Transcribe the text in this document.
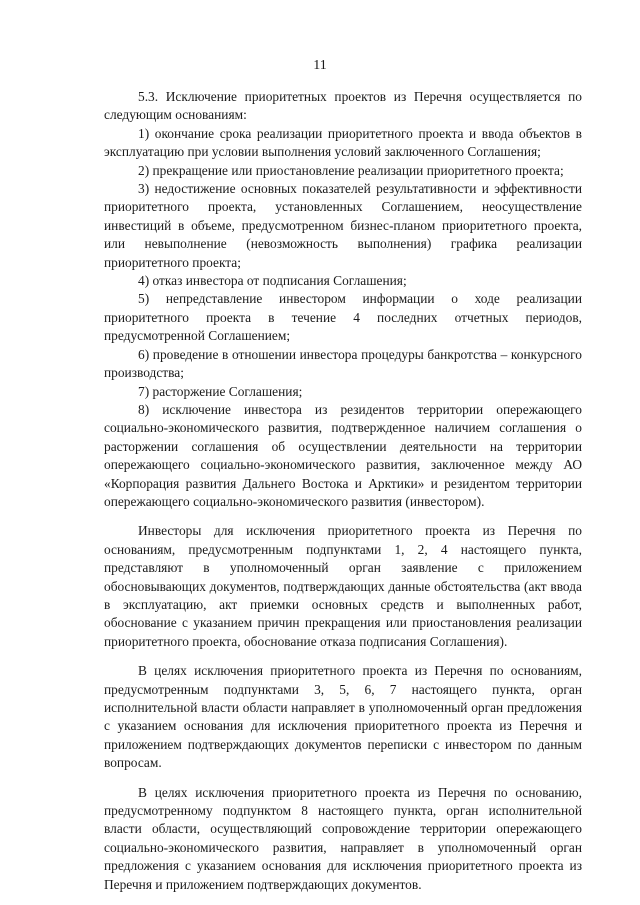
11

5.3. Исключение приоритетных проектов из Перечня осуществляется по следующим основаниям:

1) окончание срока реализации приоритетного проекта и ввода объектов в эксплуатацию при условии выполнения условий заключенного Соглашения;

2) прекращение или приостановление реализации приоритетного проекта;

3) недостижение основных показателей результативности и эффективности приоритетного проекта, установленных Соглашением, неосуществление инвестиций в объеме, предусмотренном бизнес-планом приоритетного проекта, или невыполнение (невозможность выполнения) графика реализации приоритетного проекта;

4) отказ инвестора от подписания Соглашения;

5) непредставление инвестором информации о ходе реализации приоритетного проекта в течение 4 последних отчетных периодов, предусмотренной Соглашением;

6) проведение в отношении инвестора процедуры банкротства – конкурсного производства;

7) расторжение Соглашения;

8) исключение инвестора из резидентов территории опережающего социально-экономического развития, подтвержденное наличием соглашения о расторжении соглашения об осуществлении деятельности на территории опережающего социально-экономического развития, заключенное между АО «Корпорация развития Дальнего Востока и Арктики» и резидентом территории опережающего социально-экономического развития (инвестором).

Инвесторы для исключения приоритетного проекта из Перечня по основаниям, предусмотренным подпунктами 1, 2, 4 настоящего пункта, представляют в уполномоченный орган заявление с приложением обосновывающих документов, подтверждающих данные обстоятельства (акт ввода в эксплуатацию, акт приемки основных средств и выполненных работ, обоснование с указанием причин прекращения или приостановления реализации приоритетного проекта, обоснование отказа подписания Соглашения).

В целях исключения приоритетного проекта из Перечня по основаниям, предусмотренным подпунктами 3, 5, 6, 7 настоящего пункта, орган исполнительной власти области направляет в уполномоченный орган предложения с указанием основания для исключения приоритетного проекта из Перечня и приложением подтверждающих документов переписки с инвестором по данным вопросам.

В целях исключения приоритетного проекта из Перечня по основанию, предусмотренному подпунктом 8 настоящего пункта, орган исполнительной власти области, осуществляющий сопровождение территории опережающего социально-экономического развития, направляет в уполномоченный орган предложения с указанием основания для исключения приоритетного проекта из Перечня и приложением подтверждающих документов.
